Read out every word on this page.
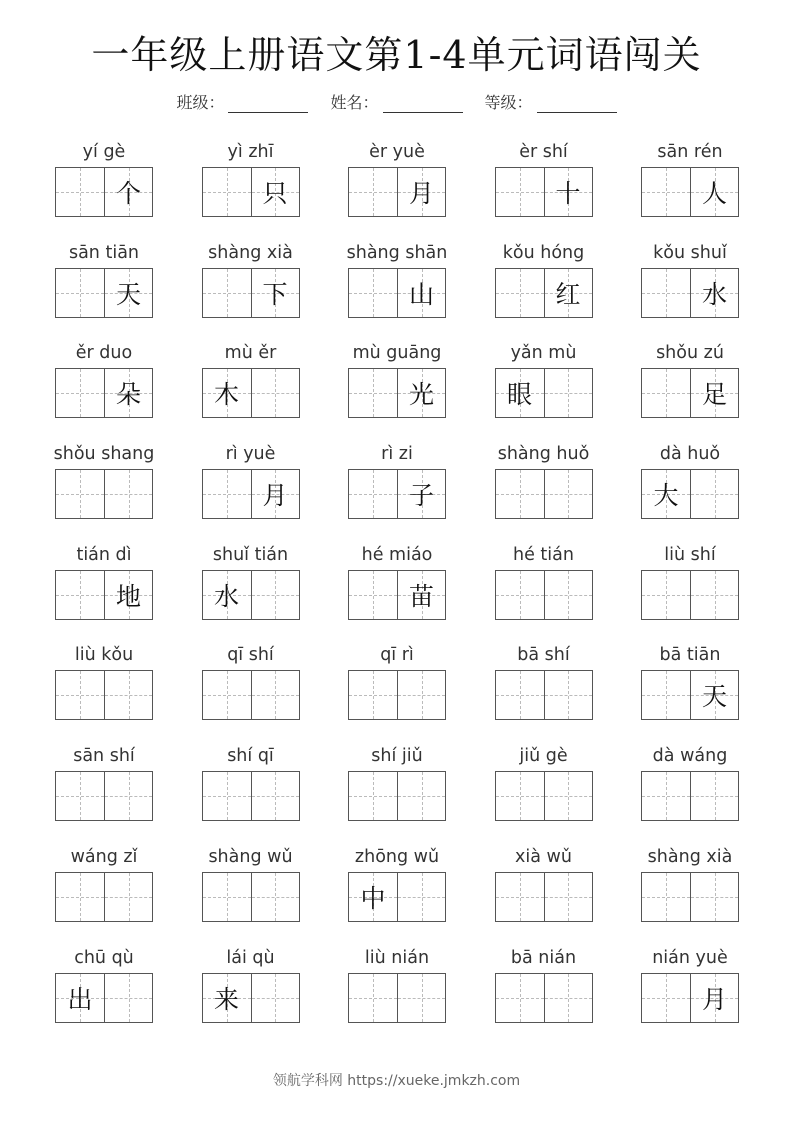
一年级上册语文第1-4单元词语闯关
班级：	姓名：	等级：
yí gè
个
yì zhī
只
èr yuè
月
èr shí
十
sān rén
人
sān tiān
天
shàng xià
下
shàng shān
山
kǒu hóng
红
kǒu shuǐ
水
ěr duo
朵
mù ěr
木
mù guāng
光
yǎn mù
眼
shǒu zú
足
shǒu shang	rì yuè
月
rì zi
子
shàng huǒ	dà huǒ
大
tián dì
地
shuǐ tián
水
hé miáo
苗
hé tián	liù shí
liù kǒu	qī shí	qī rì	bā shí	bā tiān
天
sān shí	shí qī	shí jiǔ	jiǔ gè	dà wáng
wáng zǐ	shàng wǔ	zhōng wǔ
中
xià wǔ	shàng xià
chū qù
出
lái qù
来
liù nián	bā nián	nián yuè
月
领航学科网 https://xueke.jmkzh.com
